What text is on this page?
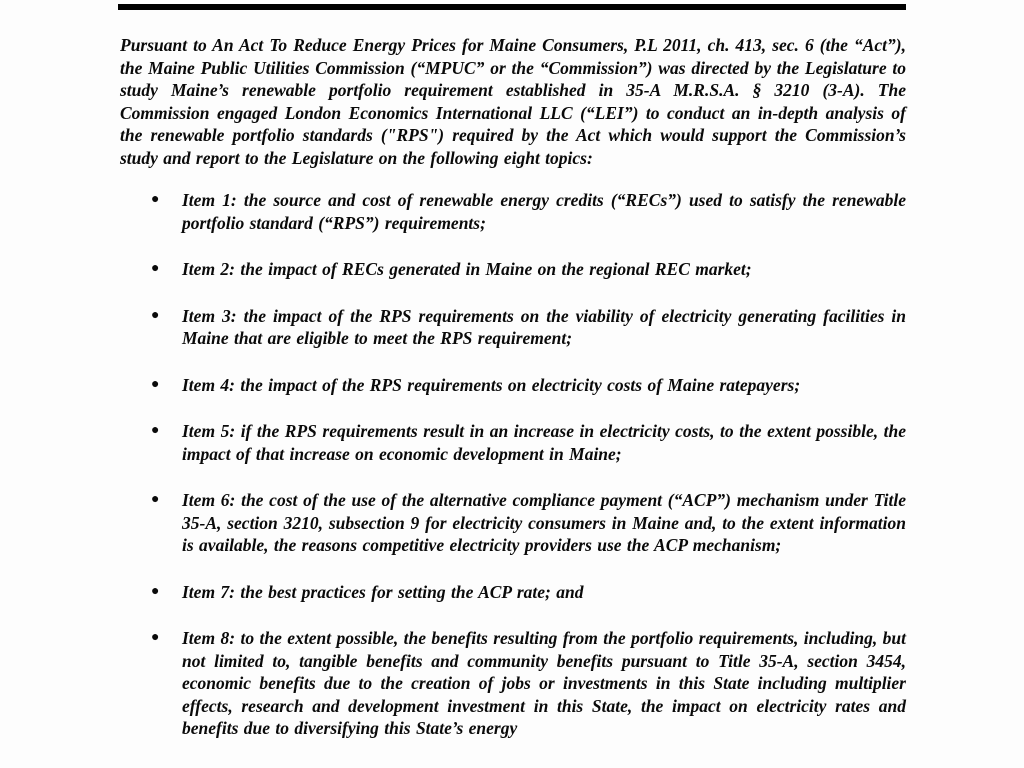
Pursuant to An Act To Reduce Energy Prices for Maine Consumers, P.L 2011, ch. 413, sec. 6 (the “Act”), the Maine Public Utilities Commission (“MPUC” or the “Commission”) was directed by the Legislature to study Maine’s renewable portfolio requirement established in 35-A M.R.S.A. § 3210 (3-A). The Commission engaged London Economics International LLC (“LEI”) to conduct an in-depth analysis of the renewable portfolio standards ("RPS") required by the Act which would support the Commission’s study and report to the Legislature on the following eight topics:

●	Item 1: the source and cost of renewable energy credits (“RECs”) used to satisfy the renewable portfolio standard (“RPS”) requirements;
●	Item 2: the impact of RECs generated in Maine on the regional REC market;
●	Item 3: the impact of the RPS requirements on the viability of electricity generating facilities in Maine that are eligible to meet the RPS requirement;
●	Item 4: the impact of the RPS requirements on electricity costs of Maine ratepayers;
●	Item 5: if the RPS requirements result in an increase in electricity costs, to the extent possible, the impact of that increase on economic development in Maine;
●	Item 6: the cost of the use of the alternative compliance payment (“ACP”) mechanism under Title 35-A, section 3210, subsection 9 for electricity consumers in Maine and, to the extent information is available, the reasons competitive electricity providers use the ACP mechanism;
●	Item 7: the best practices for setting the ACP rate; and
●	Item 8: to the extent possible, the benefits resulting from the portfolio requirements, including, but not limited to, tangible benefits and community benefits pursuant to Title 35-A, section 3454, economic benefits due to the creation of jobs or investments in this State including multiplier effects, research and development investment in this State, the impact on electricity rates and benefits due to diversifying this State’s energy
